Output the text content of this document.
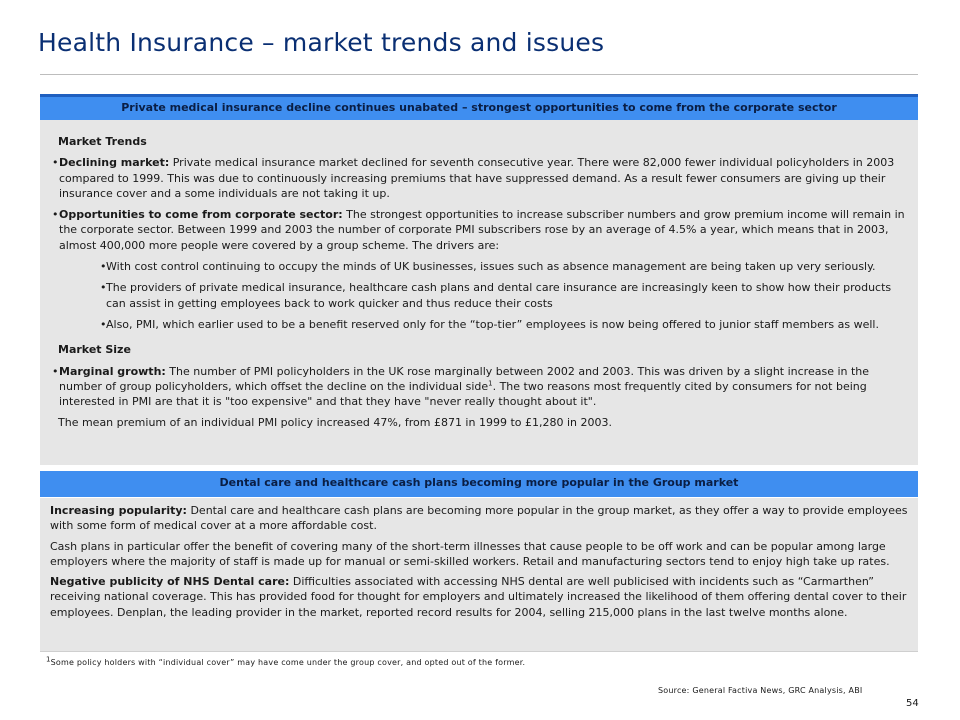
Health Insurance – market trends and issues
Private medical insurance decline continues unabated – strongest opportunities to come from the corporate sector
Market Trends
• Declining market: Private medical insurance market declined for seventh consecutive year. There were 82,000 fewer individual policyholders in 2003 compared to 1999. This was due to continuously increasing premiums that have suppressed demand. As a result fewer consumers are giving up their insurance cover and a some individuals are not taking it up.
• Opportunities to come from corporate sector: The strongest opportunities to increase subscriber numbers and grow premium income will remain in the corporate sector. Between 1999 and 2003 the number of corporate PMI subscribers rose by an average of 4.5% a year, which means that in 2003, almost 400,000 more people were covered by a group scheme. The drivers are:
• With cost control continuing to occupy the minds of UK businesses, issues such as absence management are being taken up very seriously.
• The providers of private medical insurance, healthcare cash plans and dental care insurance are increasingly keen to show how their products can assist in getting employees back to work quicker and thus reduce their costs
• Also, PMI, which earlier used to be a benefit reserved only for the “top-tier” employees is now being offered to junior staff members as well.
Market Size
• Marginal growth: The number of PMI policyholders in the UK rose marginally between 2002 and 2003. This was driven by a slight increase in the number of group policyholders, which offset the decline on the individual side$^1$. The two reasons most frequently cited by consumers for not being interested in PMI are that it is "too expensive" and that they have "never really thought about it".
The mean premium of an individual PMI policy increased 47%, from £871 in 1999 to £1,280 in 2003.
Dental care and healthcare cash plans becoming more popular in the Group market
Increasing popularity: Dental care and healthcare cash plans are becoming more popular in the group market, as they offer a way to provide employees with some form of medical cover at a more affordable cost.
Cash plans in particular offer the benefit of covering many of the short-term illnesses that cause people to be off work and can be popular among large employers where the majority of staff is made up for manual or semi-skilled workers. Retail and manufacturing sectors tend to enjoy high take up rates.
Negative publicity of NHS Dental care: Difficulties associated with accessing NHS dental are well publicised with incidents such as “Carmarthen” receiving national coverage. This has provided food for thought for employers and ultimately increased the likelihood of them offering dental cover to their employees. Denplan, the leading provider in the market, reported record results for 2004, selling 215,000 plans in the last twelve months alone.
$^1$Some policy holders with “individual cover” may have come under the group cover, and opted out of the former.
Source: General Factiva News, GRC Analysis, ABI
54
